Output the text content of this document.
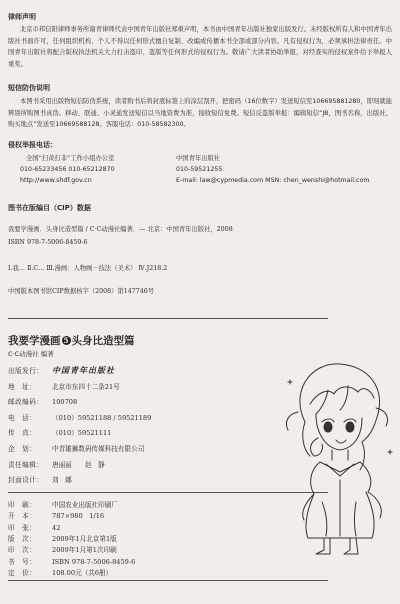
律师声明
北京市邦信阳律师事务所谢青律师代表中国青年出版社郑重声明，本书由中国青年出版社独家出版发行。未经版权所有人和中国青年出版社书面许可，任何组织机构、个人不得以任何形式擅自复制、改编或传播本书全部或部分内容。凡有侵权行为，必须承担法律责任。中国青年出版社将配合版权执法机关大力打击盗印、盗版等任何形式的侵权行为。敬请广大读者协助举报，对经查实的侵权案件给予举报人重奖。
短信防伪说明
本图书采用出版物短信防伪系统，读者购书后将封底标签上的涂层刮开，把密码（16位数字）发送短信至106695881280，即刻就能辨别所购图书真伪。移动、联通、小灵通发送短信以当地资费为准，接收短信免费。短信反盗版举报：编辑短信“JB，图书名称，出版社，购买地点”发送至10669588128。客服电话：010-58582300。
侵权举报电话：
全国“扫黄打非”工作小组办公室
010-65233456 010-65212870
http://www.shdf.gov.cn
中国青年出版社
010-59521255
E-mail: law@cypmedia.com MSN: chen_wenshi@hotmail.com
图书在版编目（CIP）数据
我要学漫画．头身比造型篇 / C·C动漫社编著．— 北京：中国青年出版社，2008
ISBN 978-7-5006-8459-6
Ⅰ.我… Ⅱ.C… Ⅲ.漫画：人物画－技法（美术） Ⅳ.J218.2
中国版本图书馆CIP数据核字（2008）第147746号
我要学漫画 5 头身比造型篇
C·C动漫社 编著
出版发行： 中国青年出版社
地　址： 北京市东四十二条21号
邮政编码： 100708
电　话： （010）59521188 / 59521189
传　真： （010）59521111
企　划： 中青雄狮数码传媒科技有限公司
责任编辑： 唐丽丽　　赵　静
封面设计： 刘　娜
印　刷： 中国农业出版社印刷厂
开　本： 787×980　1/16
印　张： 42
版　次： 2009年1月北京第1版
印　次： 2009年1月第1次印刷
书　号： ISBN 978-7-5006-8459-6
定　价： 108.00元（共6册）
